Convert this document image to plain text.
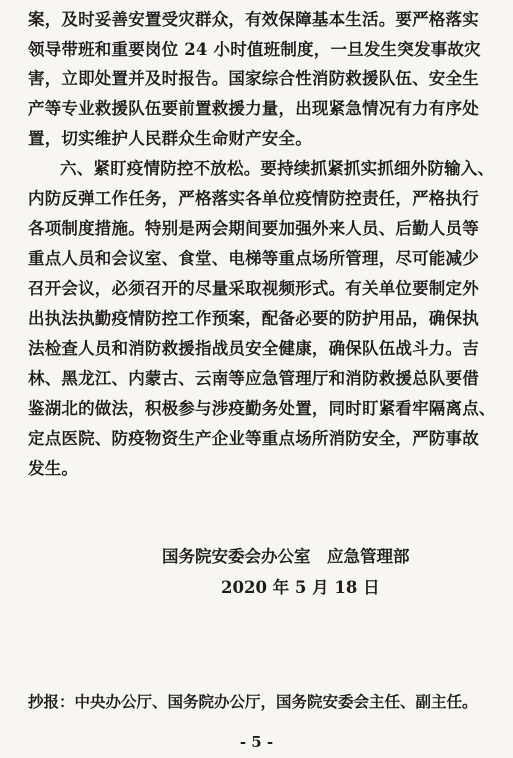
案，及时妥善安置受灾群众，有效保障基本生活。要严格落实
领导带班和重要岗位 24 小时值班制度，一旦发生突发事故灾
害，立即处置并及时报告。国家综合性消防救援队伍、安全生
产等专业救援队伍要前置救援力量，出现紧急情况有力有序处
置，切实维护人民群众生命财产安全。
六、紧盯疫情防控不放松。要持续抓紧抓实抓细外防输入、
内防反弹工作任务，严格落实各单位疫情防控责任，严格执行
各项制度措施。特别是两会期间要加强外来人员、后勤人员等
重点人员和会议室、食堂、电梯等重点场所管理，尽可能减少
召开会议，必须召开的尽量采取视频形式。有关单位要制定外
出执法执勤疫情防控工作预案，配备必要的防护用品，确保执
法检查人员和消防救援指战员安全健康，确保队伍战斗力。吉
林、黑龙江、内蒙古、云南等应急管理厅和消防救援总队要借
鉴湖北的做法，积极参与涉疫勤务处置，同时盯紧看牢隔离点、
定点医院、防疫物资生产企业等重点场所消防安全，严防事故
发生。
国务院安委会办公室　应急管理部
2020 年 5 月 18 日
抄报：中央办公厅、国务院办公厅，国务院安委会主任、副主任。
- 5 -
